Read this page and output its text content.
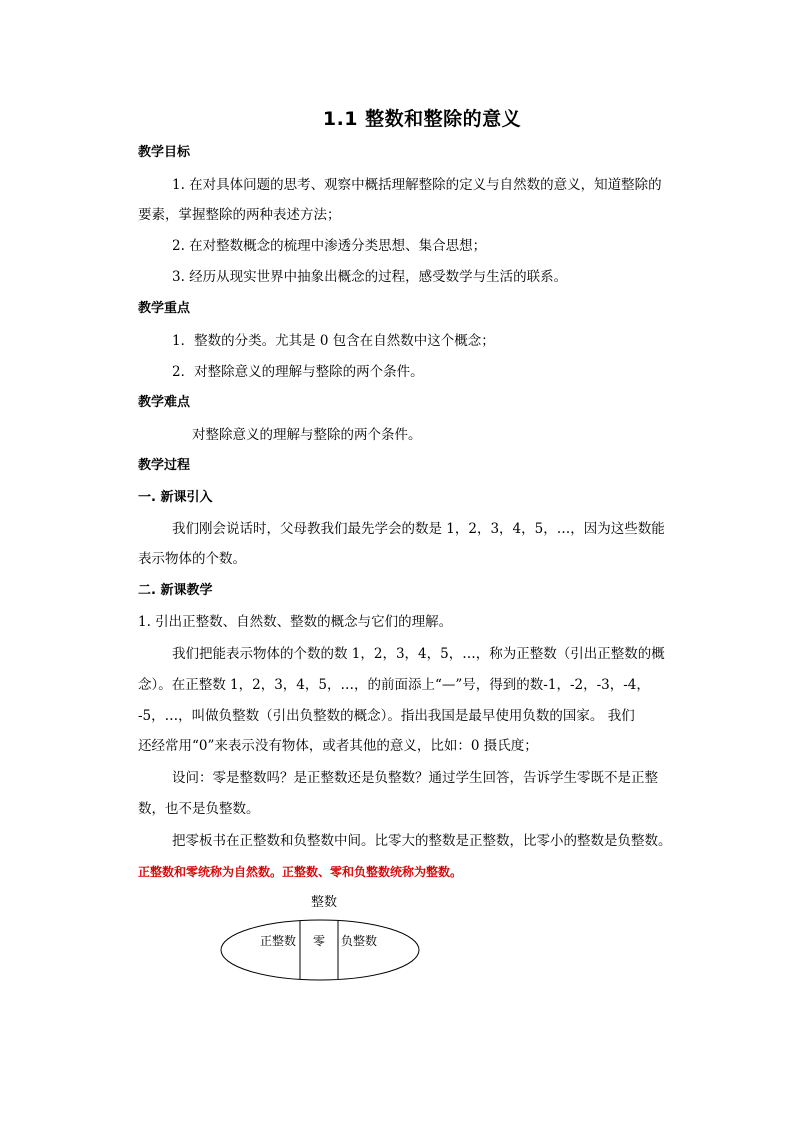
1.1 整数和整除的意义
教学目标
1. 在对具体问题的思考、观察中概括理解整除的定义与自然数的意义，知道整除的
要素，掌握整除的两种表述方法；
2. 在对整数概念的梳理中渗透分类思想、集合思想；
3. 经历从现实世界中抽象出概念的过程，感受数学与生活的联系。
教学重点
1．整数的分类。尤其是 0 包含在自然数中这个概念；
2．对整除意义的理解与整除的两个条件。
教学难点
对整除意义的理解与整除的两个条件。
教学过程
一. 新课引入
我们刚会说话时，父母教我们最先学会的数是 1，2，3，4，5，…，因为这些数能
表示物体的个数。
二. 新课教学
1. 引出正整数、自然数、整数的概念与它们的理解。
我们把能表示物体的个数的数 1，2，3，4，5，…，称为正整数（引出正整数的概
念）。在正整数 1，2，3，4，5，…，的前面添上“—”号，得到的数-1，-2，-3，-4，
-5，…，叫做负整数（引出负整数的概念）。指出我国是最早使用负数的国家。 我们
还经常用“0”来表示没有物体，或者其他的意义，比如：0 摄氏度；
设问：零是整数吗？是正整数还是负整数？通过学生回答，告诉学生零既不是正整
数，也不是负整数。
把零板书在正整数和负整数中间。比零大的整数是正整数，比零小的整数是负整数。
正整数和零统称为自然数。正整数、零和负整数统称为整数。
整数
正整数 零 负整数
